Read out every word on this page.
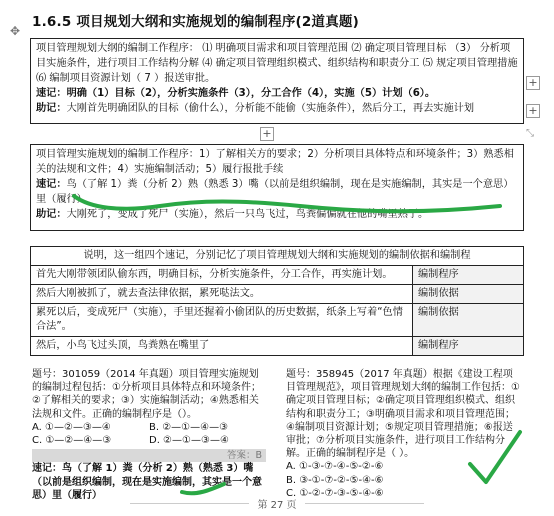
✥
1.6.5 项目规划大纲和实施规划的编制程序(2道真题)

项目管理规划大纲的编制工作程序： ⑴ 明确项目需求和项目管理范围 ⑵ 确定项目管理目标 （3） 分析项目实施条件，进行项目工作结构分解 ⑷ 确定项目管理组织模式、组织结构和职责分工 ⑸ 规定项目管理措施 ⑹ 编制项目资源计划（ 7 ）报送审批。

速记：明确（1）目标（2），分析实施条件（3），分工合作（4），实施（5）计划（6）。

助记：大刚首先明确团队的目标（偷什么），分析能不能偷（实施条件），然后分工，再去实施计划

+
+
+	⤡

项目管理实施规划的编制工作程序：1）了解相关方的要求；2）分析项目具体特点和环境条件；3）熟悉相关的法规和文件；4）实施编制活动；5）履行报批手续

速记：鸟（了解 1）粪（分析 2）熟（熟悉 3）嘴（以前是组织编制，现在是实施编制，其实是一个意思）里（履行）

助记：大刚死了，变成了死尸（实施），然后一只鸟飞过，鸟粪偏偏就在他的嘴里熟了。

说明，这一组四个速记，分别记忆了项目管理规划大纲和实施规划的编制依据和编制程	
首先大刚带领团队偷东西，明确目标，分析实施条件，分工合作，再实施计划。	编制程序
然后大刚被抓了，就去查法律依据，累死哒法文。	编制依据
累死以后，变成死尸（实施），手里还握着小偷团队的历史数据，纸条上写着“色情合法”。	编制依据
然后，小鸟飞过头顶，鸟粪熟在嘴里了	编制程序
题号：301059（2014 年真题）项目管理实施规划的编制过程包括：①分析项目具体特点和环境条件；②了解相关的要求；③）实施编制活动；④熟悉相关法规和文件。正确的编制程序是（）。
A. ①—②—③—④	B. ②—①—④—③
C. ①—②—④—③	D. ②—①—③—④
答案：B
速记：鸟（了解 1）粪（分析 2）熟（熟悉 3）嘴（以前是组织编制，现在是实施编制，其实是一个意思）里（履行）
题号：358945（2017 年真题）根据《建设工程项目管理规范》，项目管理规划大纲的编制工作包括：①确定项目管理目标；②确定项目管理组织模式、组织结构和职责分工；③明确项目需求和项目管理范围；④编制项目资源计划；⑤规定项目管理措施；⑥报送审批；⑦分析项目实施条件，进行项目工作结构分解。正确的编制程序是（ ）。
A. ①-③-⑦-④-⑤-②-⑥
B. ③-①-⑦-②-⑤-④-⑥
C. ①-②-⑦-③-⑤-④-⑥
第 27 页
